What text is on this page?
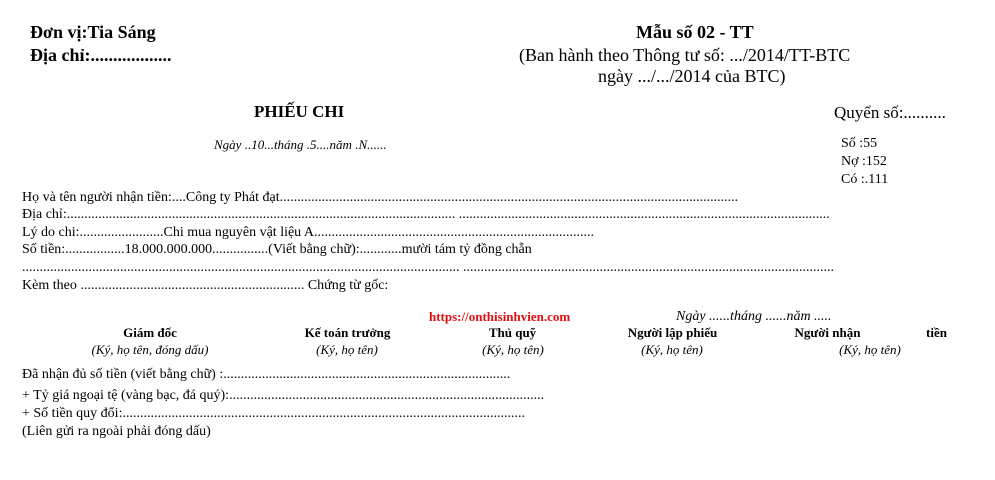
Đơn vị:Tia Sáng
Địa chỉ:..................
Mẫu số 02 - TT
(Ban hành theo Thông tư số: .../2014/TT-BTC
ngày .../.../2014 của BTC)
PHIẾU CHI	Quyển số:..........
Ngày ..10...tháng .5....năm .N......	Số :55
Nợ :152
Có :.111
Họ và tên người nhận tiền:....Công ty Phát đạt...................................................................................................................................
Địa chỉ:............................................................................................................... ..........................................................................................................
Lý do chi:........................Chi mua nguyên vật liệu A................................................................................
Số tiền:.................18.000.000.000................(Viết bằng chữ):............mười tám tỷ đồng chẵn
............................................................................................................................. ..........................................................................................................
Kèm theo ................................................................ Chứng từ gốc:
https://onthisinhvien.com	Ngày ......tháng ......năm .....
Giám đốc	Kế toán trưởng	Thủ quỹ	Người lập phiếu	Người nhận	tiền
(Ký, họ tên, đóng dấu)	(Ký, họ tên)	(Ký, họ tên)	(Ký, họ tên)	(Ký, họ tên)
Đã nhận đủ số tiền (viết bằng chữ) :..................................................................................
+ Tỷ giá ngoại tệ (vàng bạc, đá quý):..........................................................................................
+ Số tiền quy đổi:...................................................................................................................
(Liên gửi ra ngoài phải đóng dấu)
